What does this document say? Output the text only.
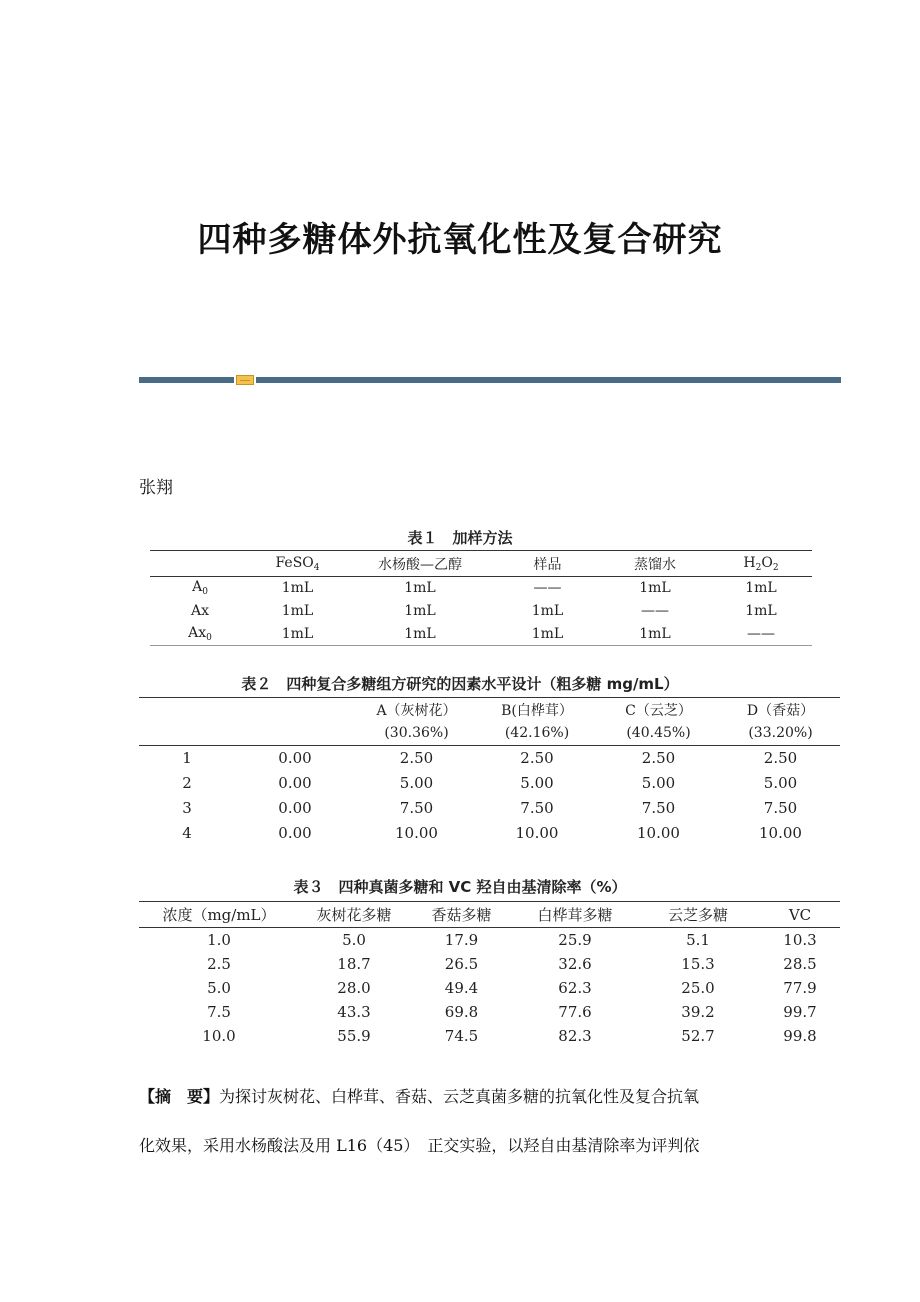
四种多糖体外抗氧化性及复合研究

张翔

表１　加样方法

	FeSO$_4$	水杨酸—乙醇	样品	蒸馏水	$H_2O_2$
$A_0$	1mL	1mL	——	1mL	1mL
Ax	1mL	1mL	1mL	——	1mL
$Ax_0$	1mL	1mL	1mL	1mL	——

表２　四种复合多糖组方研究的因素水平设计（粗多糖 mg/mL）

		A（灰树花）	B(白桦茸）	C（云芝）	D（香菇）
		(30.36%)	(42.16%)	(40.45%)	(33.20%)
1	0.00	2.50	2.50	2.50	2.50
2	0.00	5.00	5.00	5.00	5.00
3	0.00	7.50	7.50	7.50	7.50
4	0.00	10.00	10.00	10.00	10.00

表３　四种真菌多糖和 VC 羟自由基清除率（%）

浓度（mg/mL）	灰树花多糖	香菇多糖	白桦茸多糖	云芝多糖	VC
1.0	5.0	17.9	25.9	5.1	10.3
2.5	18.7	26.5	32.6	15.3	28.5
5.0	28.0	49.4	62.3	25.0	77.9
7.5	43.3	69.8	77.6	39.2	99.7
10.0	55.9	74.5	82.3	52.7	99.8
【摘　要】为探讨灰树花、白桦茸、香菇、云芝真菌多糖的抗氧化性及复合抗氧
化效果，采用水杨酸法及用 L16（45）　正交实验，以羟自由基清除率为评判依
